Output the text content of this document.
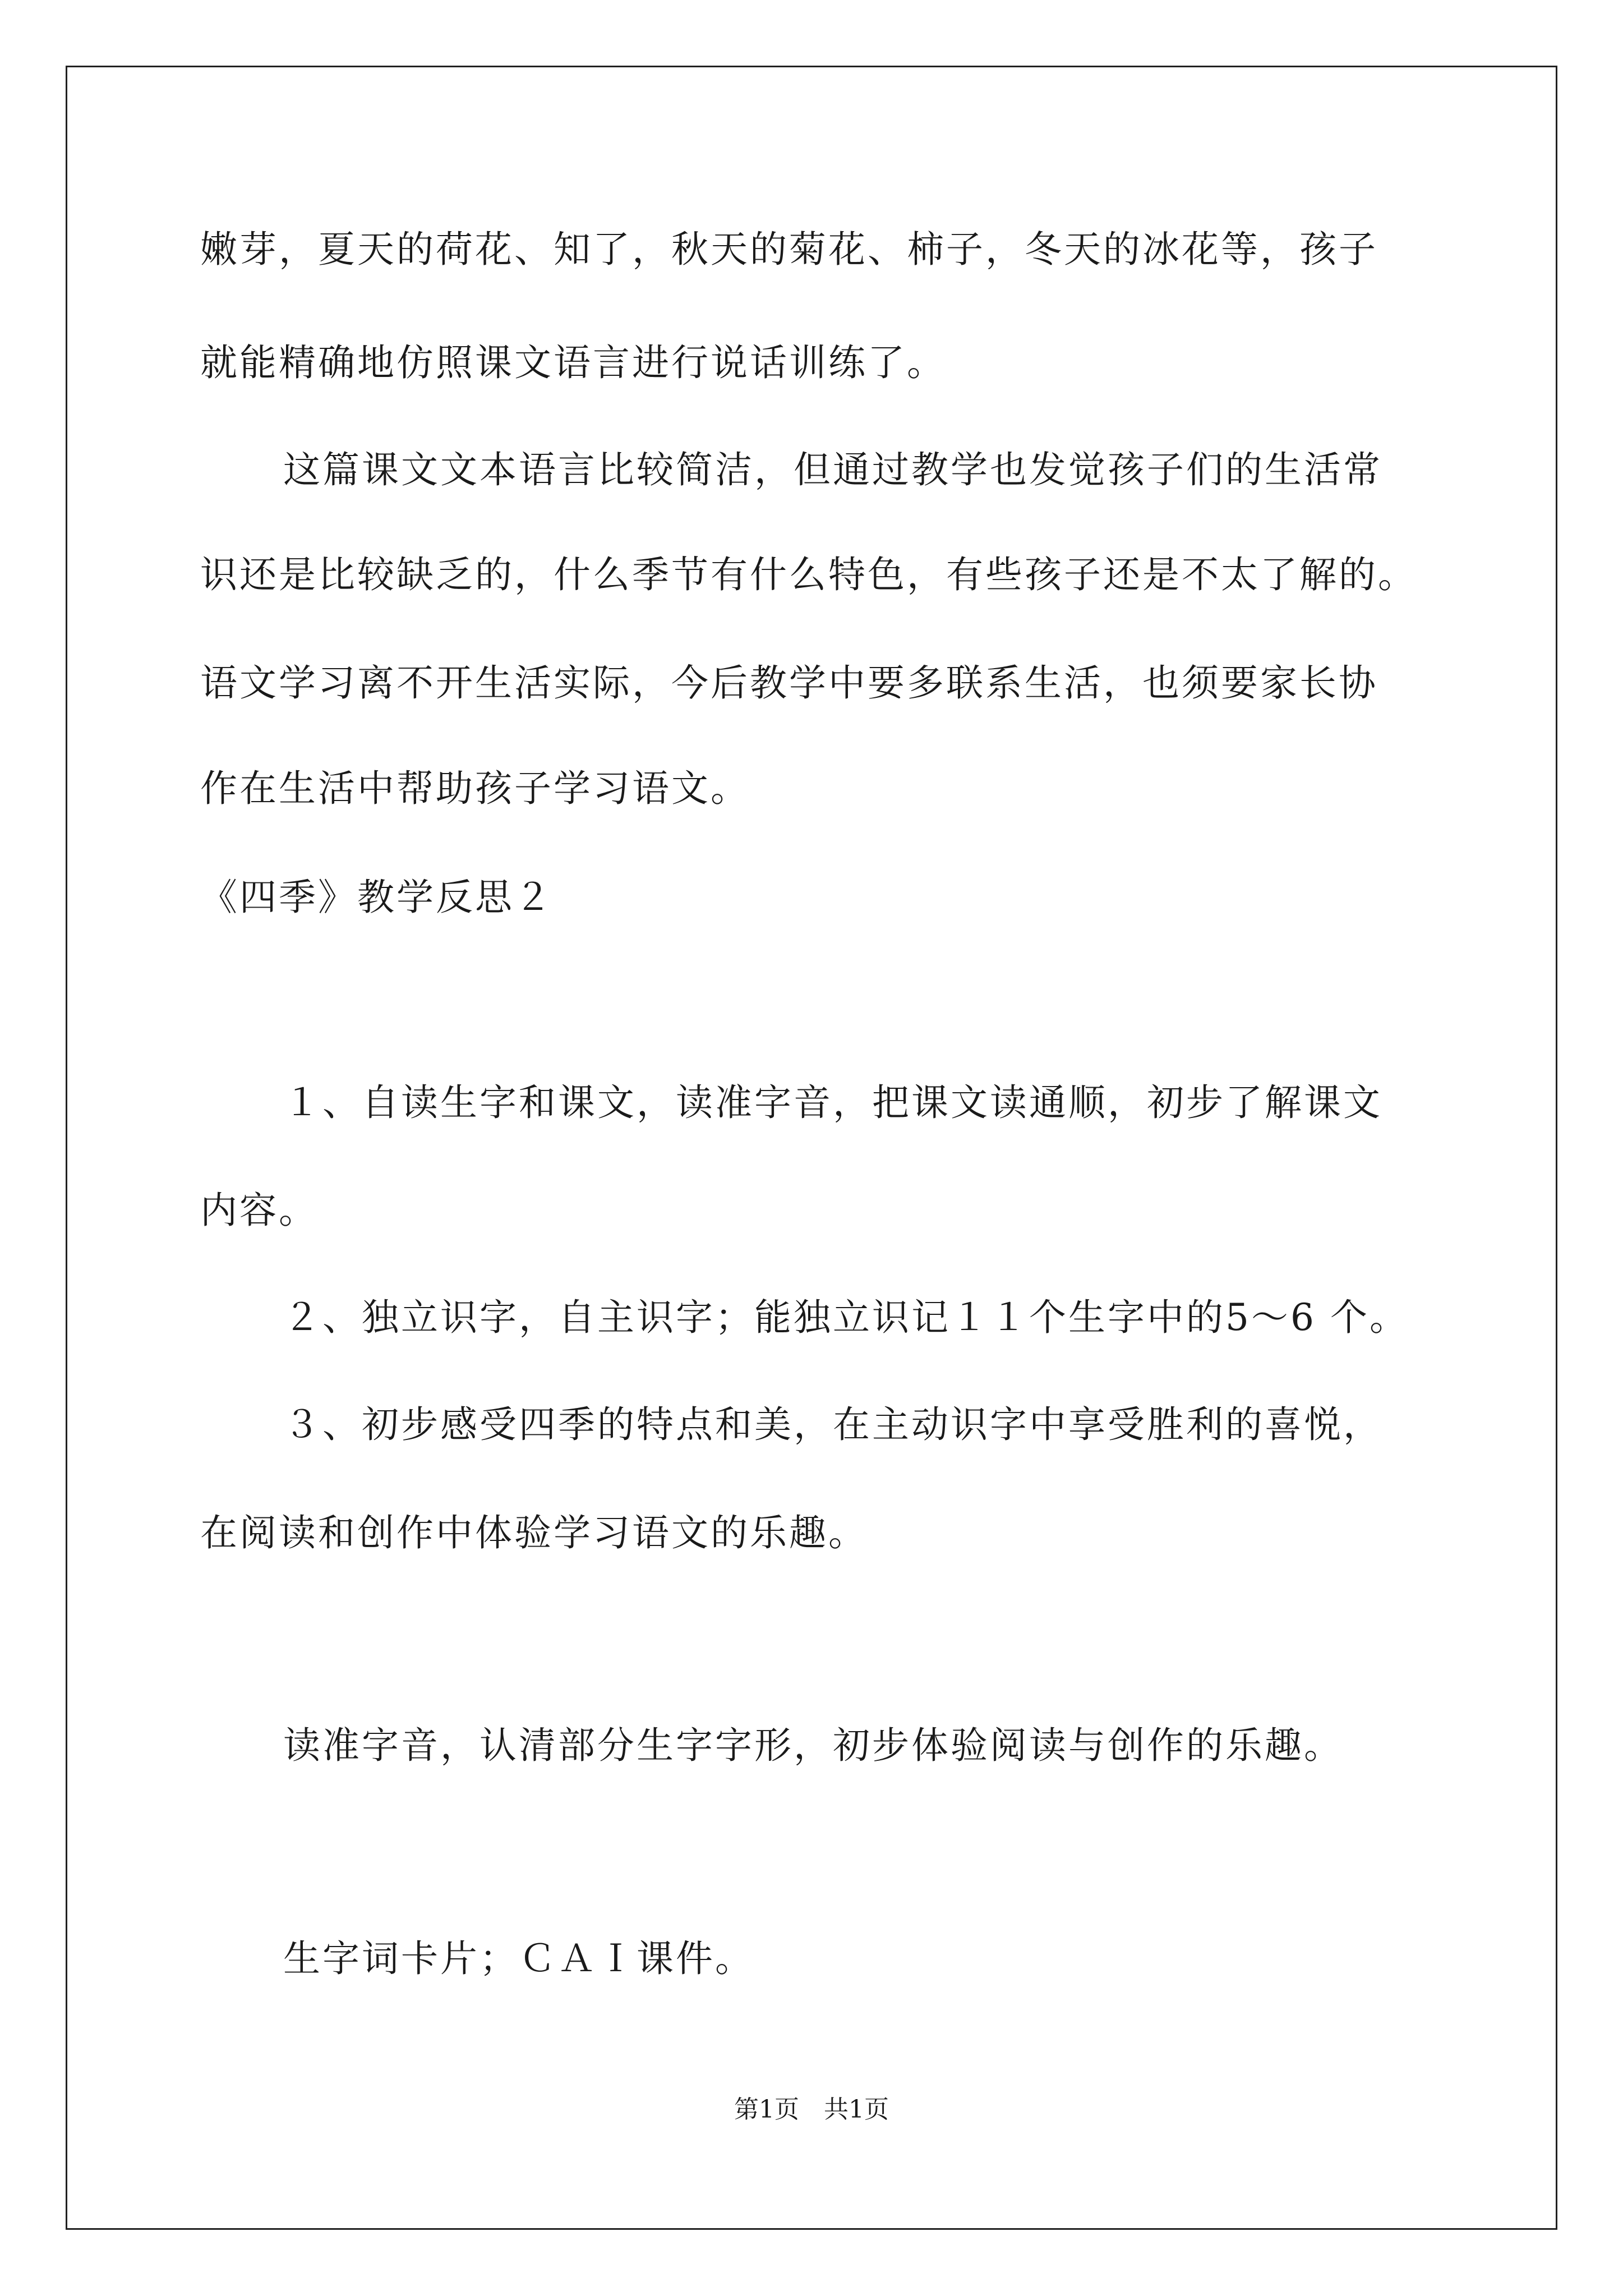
嫩芽，夏天的荷花、知了，秋天的菊花、柿子，冬天的冰花等，孩子
就能精确地仿照课文语言进行说话训练了。
这篇课文文本语言比较简洁，但通过教学也发觉孩子们的生活常
识还是比较缺乏的，什么季节有什么特色，有些孩子还是不太了解的。
语文学习离不开生活实际，今后教学中要多联系生活，也须要家长协
作在生活中帮助孩子学习语文。
《四季》教学反思２
１、自读生字和课文，读准字音，把课文读通顺，初步了解课文
内容。
２、独立识字，自主识字；能独立识记１１个生字中的5～6 个。
３、初步感受四季的特点和美，在主动识字中享受胜利的喜悦，
在阅读和创作中体验学习语文的乐趣。
读准字音，认清部分生字字形，初步体验阅读与创作的乐趣。
生字词卡片；ＣＡＩ课件。
第1页 共1页
